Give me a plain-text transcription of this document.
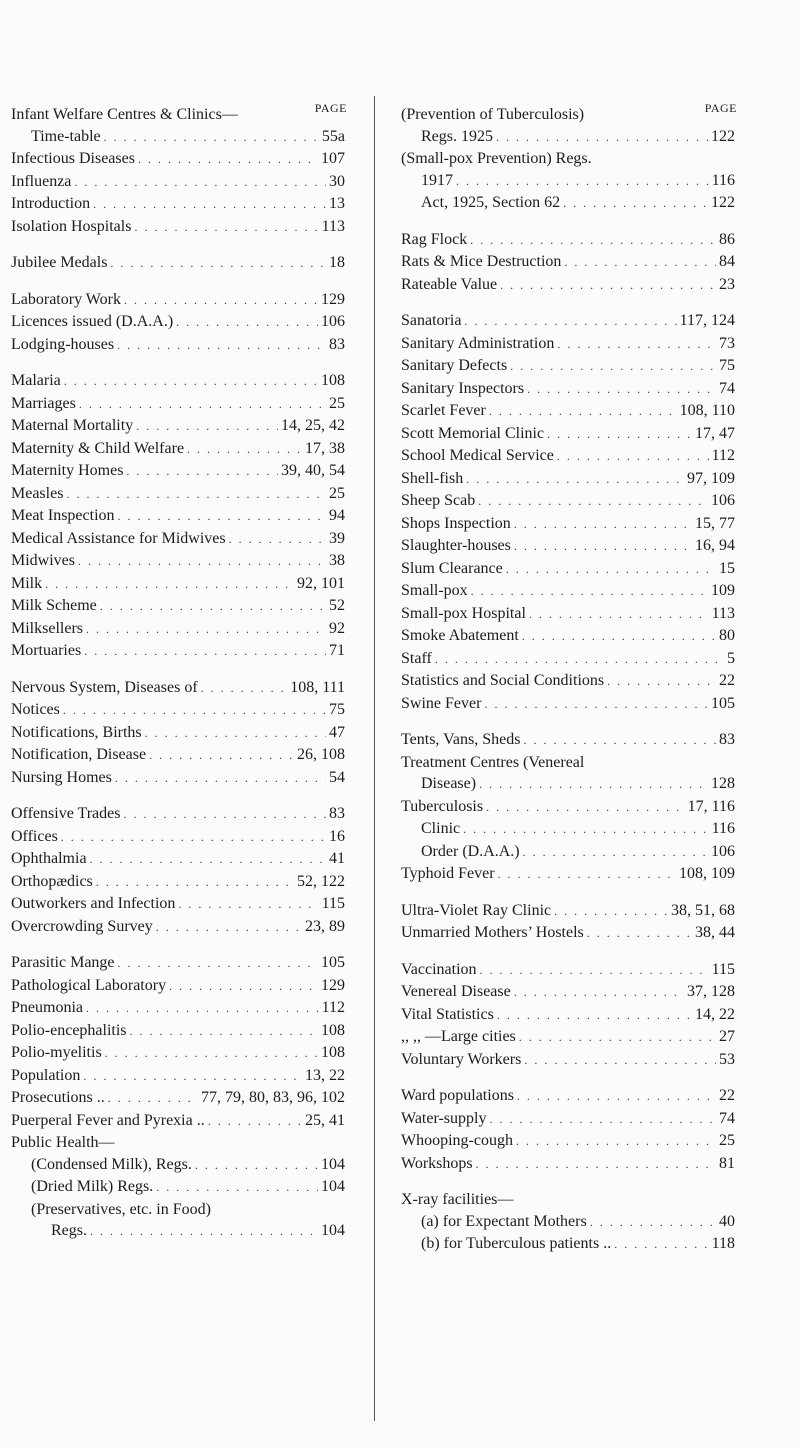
PAGE
Infant Welfare Centres & Clinics—
Time-table . . .	55a
Infectious Diseases . . .	107
Influenza . . .	30
Introduction . . .	13
Isolation Hospitals . . .	113
Jubilee Medals . . .	18
Laboratory Work . . .	129
Licences issued (D.A.A.) . . .	106
Lodging-houses . . .	83
Malaria . . .	108
Marriages . . .	25
Maternal Mortality . . .	14, 25, 42
Maternity & Child Welfare . . .	17, 38
Maternity Homes . . .	39, 40, 54
Measles . . .	25
Meat Inspection . . .	94
Medical Assistance for Midwives . . .	39
Midwives . . .	38
Milk . . .	92, 101
Milk Scheme . . .	52
Milksellers . . .	92
Mortuaries . . .	71
Nervous System, Diseases of . . .	108, 111
Notices . . .	75
Notifications, Births . . .	47
Notification, Disease . . .	26, 108
Nursing Homes . . .	54
Offensive Trades . . .	83
Offices . . .	16
Ophthalmia . . .	41
Orthopædics . . .	52, 122
Outworkers and Infection . . .	115
Overcrowding Survey . . .	23, 89
Parasitic Mange . . .	105
Pathological Laboratory . . .	129
Pneumonia . . .	112
Polio-encephalitis . . .	108
Polio-myelitis . . .	108
Population . . .	13, 22
Prosecutions .. . . .	77, 79, 80, 83, 96, 102
Puerperal Fever and Pyrexia .. . . .	25, 41
Public Health—
(Condensed Milk), Regs. . . .	104
(Dried Milk) Regs. . . .	104
(Preservatives, etc. in Food)
Regs. . . .	104
PAGE
(Prevention of Tuberculosis)
Regs. 1925 . . .	122
(Small-pox Prevention) Regs.
1917 . . .	116
Act, 1925, Section 62 . . .	122
Rag Flock . . .	86
Rats & Mice Destruction . . .	84
Rateable Value . . .	23
Sanatoria . . .	117, 124
Sanitary Administration . . .	73
Sanitary Defects . . .	75
Sanitary Inspectors . . .	74
Scarlet Fever . . .	108, 110
Scott Memorial Clinic . . .	17, 47
School Medical Service . . .	112
Shell-fish . . .	97, 109
Sheep Scab . . .	106
Shops Inspection . . .	15, 77
Slaughter-houses . . .	16, 94
Slum Clearance . . .	15
Small-pox . . .	109
Small-pox Hospital . . .	113
Smoke Abatement . . .	80
Staff . . .	5
Statistics and Social Conditions . . .	22
Swine Fever . . .	105
Tents, Vans, Sheds . . .	83
Treatment Centres (Venereal
Disease) . . .	128
Tuberculosis . . .	17, 116
Clinic . . .	116
Order (D.A.A.) . . .	106
Typhoid Fever . . .	108, 109
Ultra-Violet Ray Clinic . . .	38, 51, 68
Unmarried Mothers’ Hostels . . .	38, 44
Vaccination . . .	115
Venereal Disease . . .	37, 128
Vital Statistics . . .	14, 22
,, ,, —Large cities . . .	27
Voluntary Workers . . .	53
Ward populations . . .	22
Water-supply . . .	74
Whooping-cough . . .	25
Workshops . . .	81
X-ray facilities—
(a) for Expectant Mothers . . .	40
(b) for Tuberculous patients .. . . .	118
